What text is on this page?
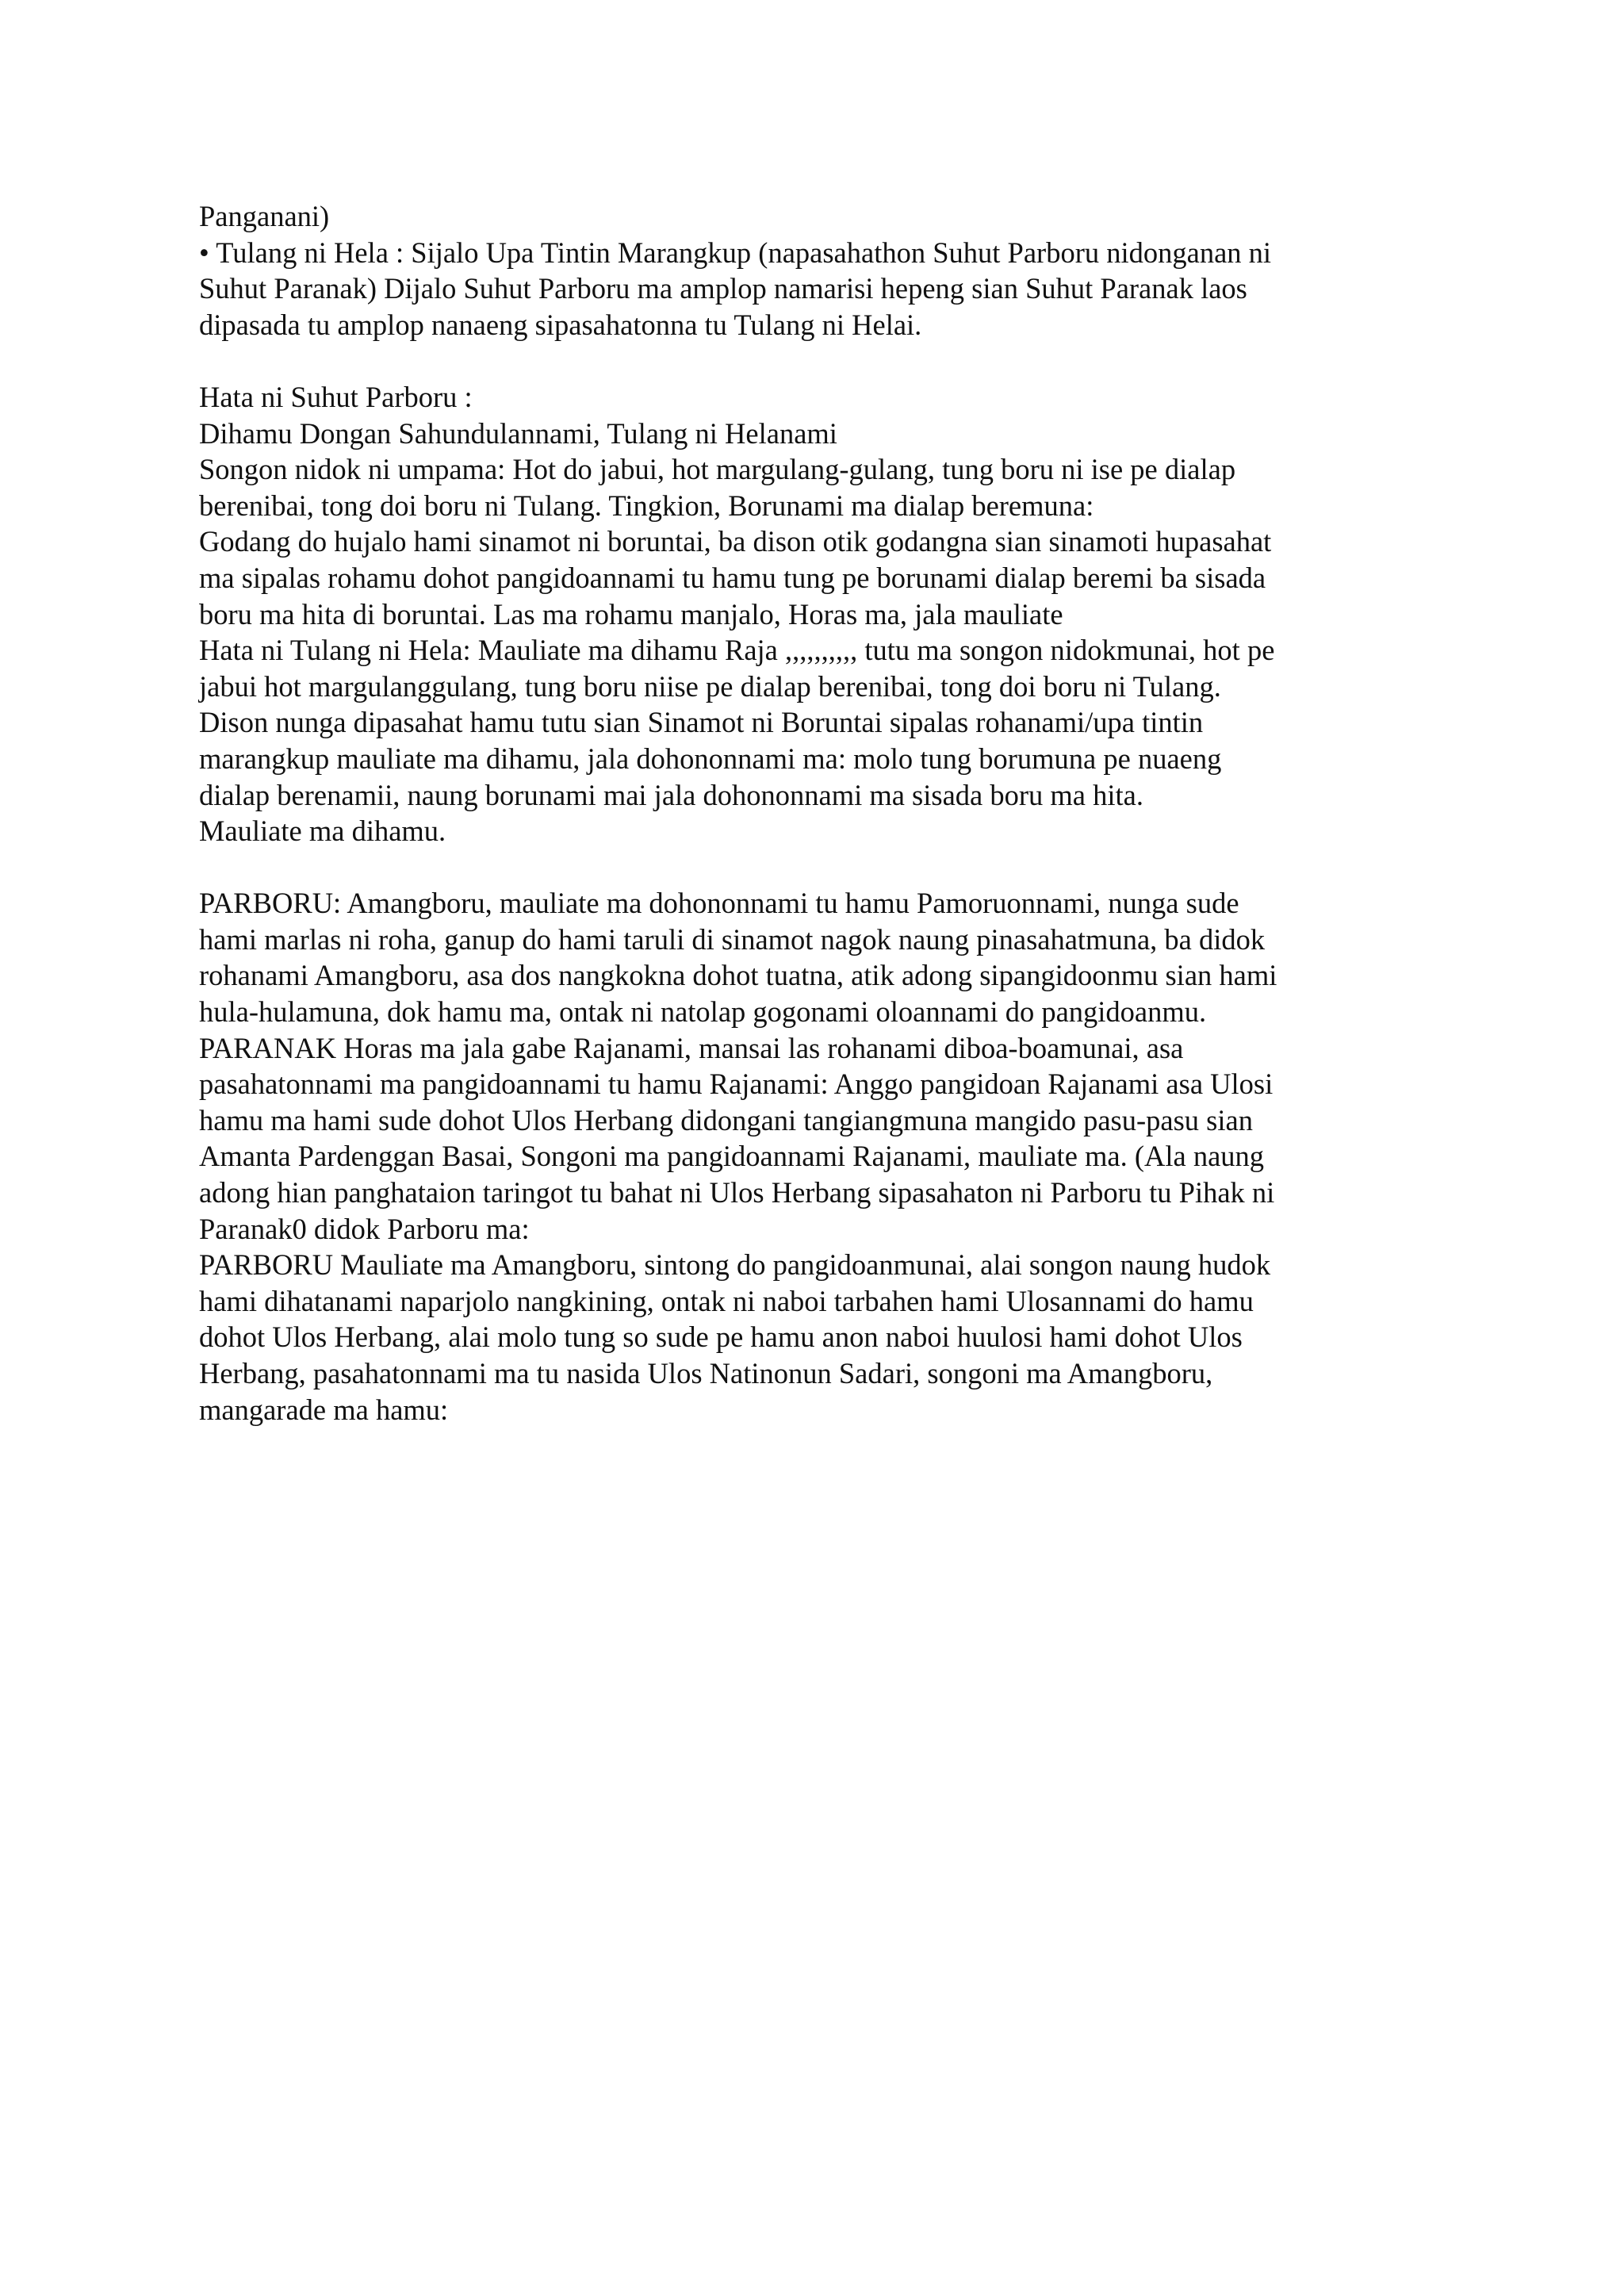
Panganani)
• Tulang ni Hela : Sijalo Upa Tintin Marangkup (napasahathon Suhut Parboru nidonganan ni
Suhut Paranak) Dijalo Suhut Parboru ma amplop namarisi hepeng sian Suhut Paranak laos
dipasada tu amplop nanaeng sipasahatonna tu Tulang ni Helai.
Hata ni Suhut Parboru :
Dihamu Dongan Sahundulannami, Tulang ni Helanami
Songon nidok ni umpama: Hot do jabui, hot margulang-gulang, tung boru ni ise pe dialap
berenibai, tong doi boru ni Tulang. Tingkion, Borunami ma dialap beremuna:
Godang do hujalo hami sinamot ni boruntai, ba dison otik godangna sian sinamoti hupasahat
ma sipalas rohamu dohot pangidoannami tu hamu tung pe borunami dialap beremi ba sisada
boru ma hita di boruntai. Las ma rohamu manjalo, Horas ma, jala mauliate
Hata ni Tulang ni Hela: Mauliate ma dihamu Raja ,,,,,,,,,, tutu ma songon nidokmunai, hot pe
jabui hot margulanggulang, tung boru niise pe dialap berenibai, tong doi boru ni Tulang.
Dison nunga dipasahat hamu tutu sian Sinamot ni Boruntai sipalas rohanami/upa tintin
marangkup mauliate ma dihamu, jala dohononnami ma: molo tung borumuna pe nuaeng
dialap berenamii, naung borunami mai jala dohononnami ma sisada boru ma hita.
Mauliate ma dihamu.
PARBORU: Amangboru, mauliate ma dohononnami tu hamu Pamoruonnami, nunga sude
hami marlas ni roha, ganup do hami taruli di sinamot nagok naung pinasahatmuna, ba didok
rohanami Amangboru, asa dos nangkokna dohot tuatna, atik adong sipangidoonmu sian hami
hula-hulamuna, dok hamu ma, ontak ni natolap gogonami oloannami do pangidoanmu.
PARANAK Horas ma jala gabe Rajanami, mansai las rohanami diboa-boamunai, asa
pasahatonnami ma pangidoannami tu hamu Rajanami: Anggo pangidoan Rajanami asa Ulosi
hamu ma hami sude dohot Ulos Herbang didongani tangiangmuna mangido pasu-pasu sian
Amanta Pardenggan Basai, Songoni ma pangidoannami Rajanami, mauliate ma. (Ala naung
adong hian panghataion taringot tu bahat ni Ulos Herbang sipasahaton ni Parboru tu Pihak ni
Paranak0 didok Parboru ma:
PARBORU Mauliate ma Amangboru, sintong do pangidoanmunai, alai songon naung hudok
hami dihatanami naparjolo nangkining, ontak ni naboi tarbahen hami Ulosannami do hamu
dohot Ulos Herbang, alai molo tung so sude pe hamu anon naboi huulosi hami dohot Ulos
Herbang, pasahatonnami ma tu nasida Ulos Natinonun Sadari, songoni ma Amangboru,
mangarade ma hamu:
